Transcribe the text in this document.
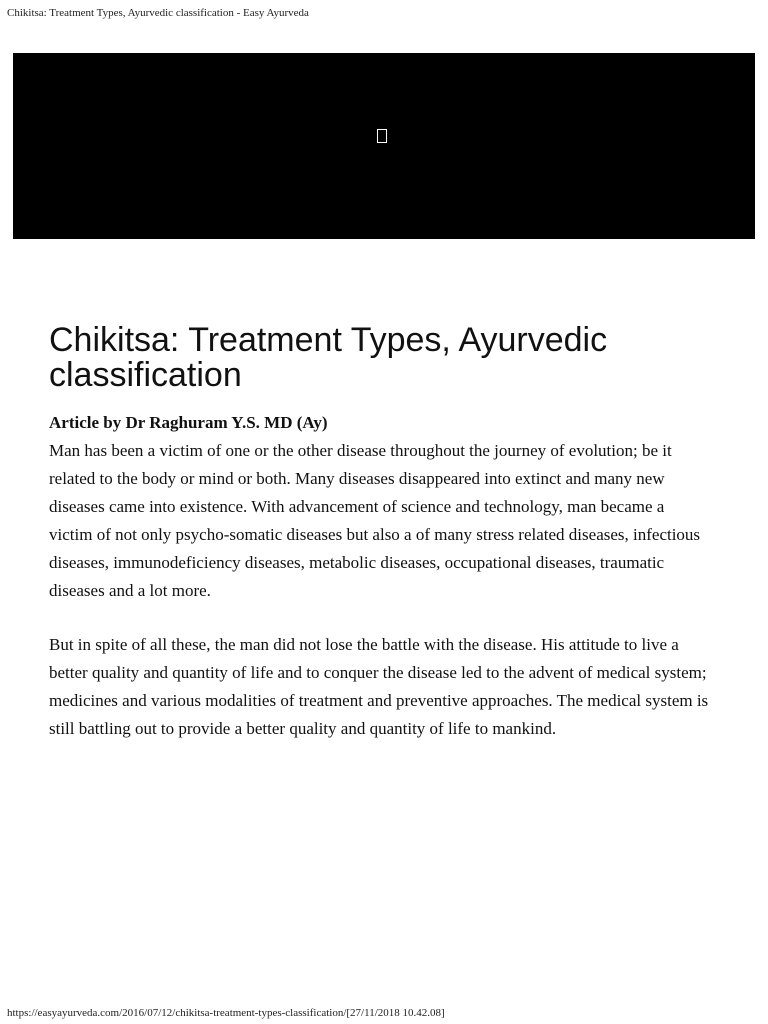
Chikitsa: Treatment Types, Ayurvedic classification - Easy Ayurveda
Chikitsa: Treatment Types, Ayurvedic classification

Article by Dr Raghuram Y.S. MD (Ay)

Man has been a victim of one or the other disease throughout the journey of evolution; be it
related to the body or mind or both. Many diseases disappeared into extinct and many new
diseases came into existence. With advancement of science and technology, man became a
victim of not only psycho-somatic diseases but also a of many stress related diseases, infectious
diseases, immunodeficiency diseases, metabolic diseases, occupational diseases, traumatic
diseases and a lot more.

But in spite of all these, the man did not lose the battle with the disease. His attitude to live a
better quality and quantity of life and to conquer the disease led to the advent of medical system;
medicines and various modalities of treatment and preventive approaches. The medical system is
still battling out to provide a better quality and quantity of life to mankind.

https://easyayurveda.com/2016/07/12/chikitsa-treatment-types-classification/[27/11/2018 10.42.08]
